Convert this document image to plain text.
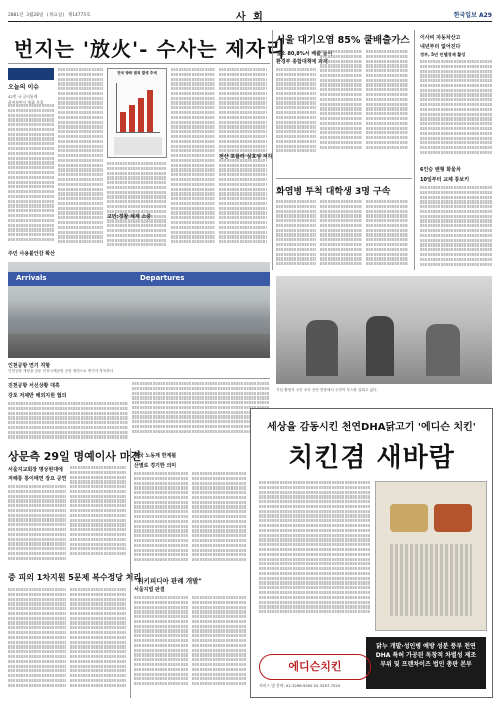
2001년 3월28일 (목요일) 제14775호	사 회	한국일보 A29
번지는 '放火'- 수사는 제자리
오늘의 이슈
42번 국 공터통계
하여보면서 방화 사결
주민 사용불안감 확산
전국 방화 범죄 발생 추세
고민:경찰 체계 소중
전산 포뮬라 실효성 저하
Arrivals	Departures
인천공항 연기 직항
인천공항 개항을 앞둔 인천국제공항 공항 정면으로 연기가 자욱하다
서울 대기오염 85% 쿨배출가스
질소 80,8%서 배출 늘어
환경부 종합대책에 과제
화염병 투척 대학생 3명 구속
이사비 자동차산고
내년부터 없어진다
정부, 5년 인텔경제 활성
6인승 밴형 화물차
10일부터 교체 통보키
기념 촬영식 주민 조속 공연 현장에서 주민이 부스를 살피고 있다.
진천공항 서신상황 대혹
강포 저제반 해외지원 협의
상문측 29일 명예이사 마견
서울지교회장 명상원대에
저해통 통이메연 장요 공연
중 피의 1차지원 5문제 복수정당 처리
한국 노동계 한계될
산별로 경기한 의미
"위키피디아 판례 개발"
서울지법 판결
세상을 감동시킨 천연DHA닭고기 '에디슨 치킨'
치킨겸 새바람
닭누 개발·성인병 예방 성분 풍부 천연DHA 특허 가공된 독창적 차별성 제조 부위 및 프랜차이즈 법인 총판 본부
에디슨치킨
서비스 및 문의: 02.3296.9300 02.3297.7520
